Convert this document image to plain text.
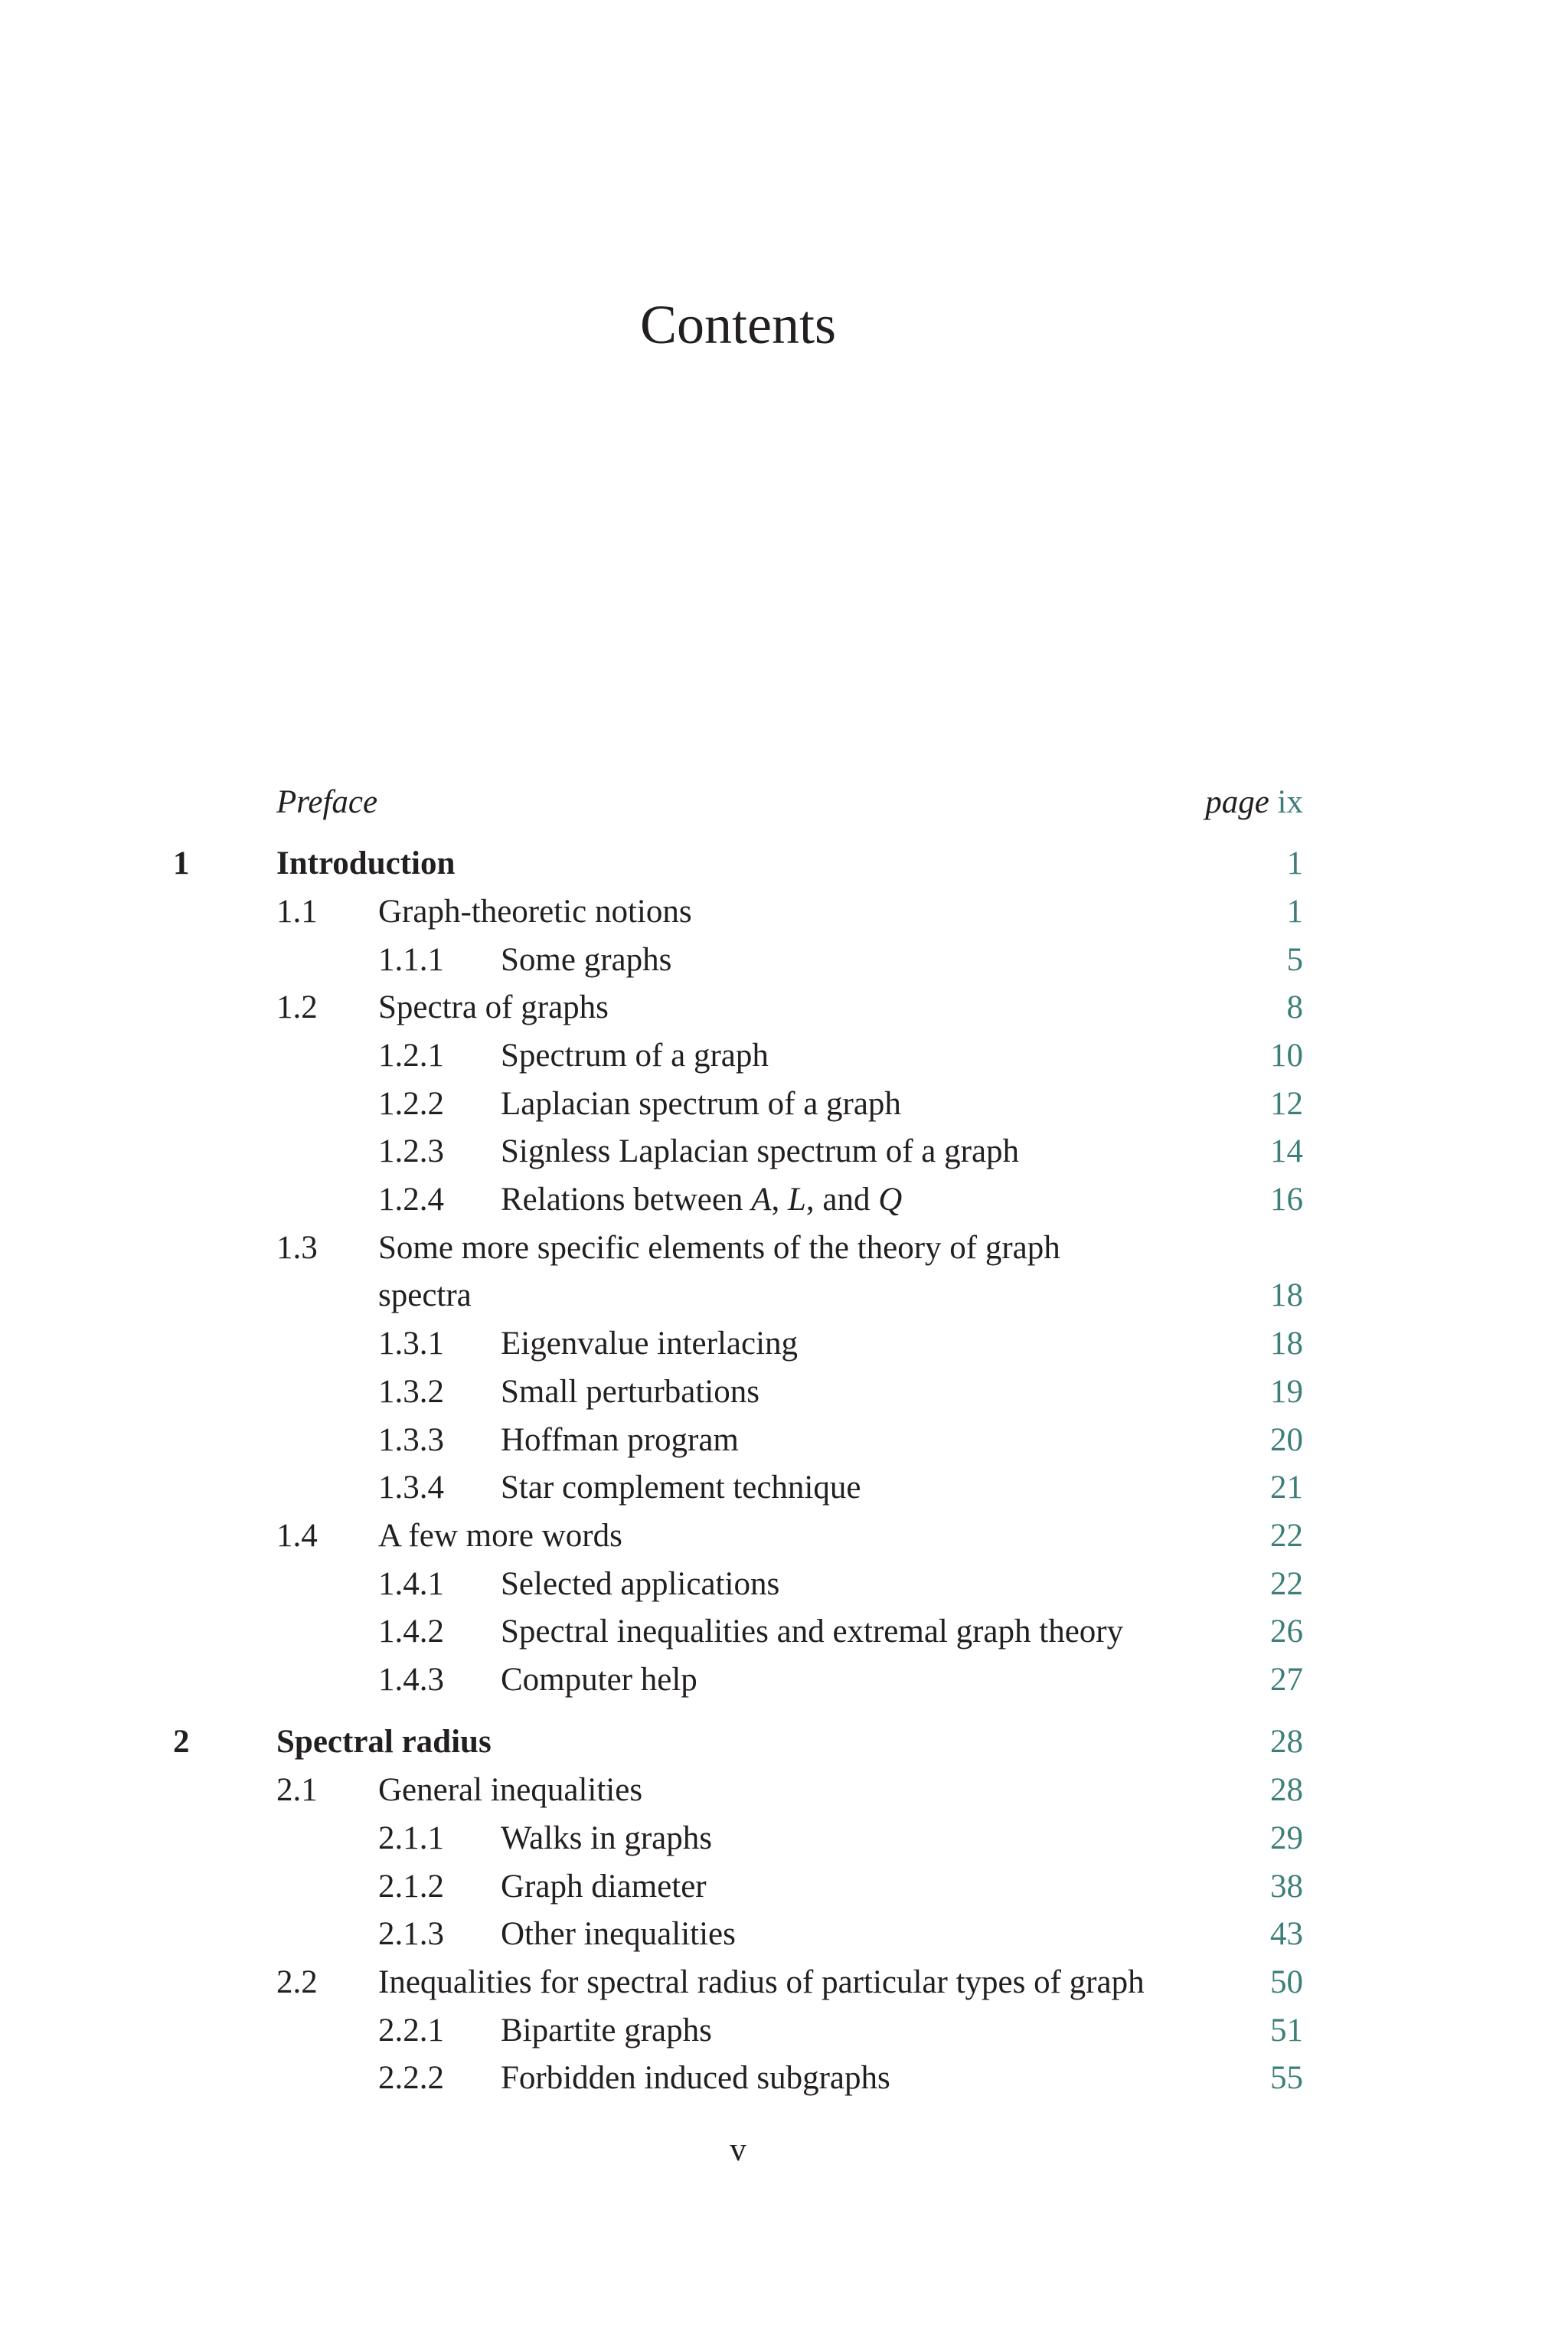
Contents
Preface	page ix
1	Introduction	1
1.1 Graph-theoretic notions	1
1.1.1 Some graphs	5
1.2 Spectra of graphs	8
1.2.1 Spectrum of a graph	10
1.2.2 Laplacian spectrum of a graph	12
1.2.3 Signless Laplacian spectrum of a graph	14
1.2.4 Relations between A, L, and Q	16
1.3 Some more specific elements of the theory of graph
spectra	18
1.3.1 Eigenvalue interlacing	18
1.3.2 Small perturbations	19
1.3.3 Hoffman program	20
1.3.4 Star complement technique	21
1.4 A few more words	22
1.4.1 Selected applications	22
1.4.2 Spectral inequalities and extremal graph theory	26
1.4.3 Computer help	27
2	Spectral radius	28
2.1 General inequalities	28
2.1.1 Walks in graphs	29
2.1.2 Graph diameter	38
2.1.3 Other inequalities	43
2.2 Inequalities for spectral radius of particular types of graph	50
2.2.1 Bipartite graphs	51
2.2.2 Forbidden induced subgraphs	55
v
